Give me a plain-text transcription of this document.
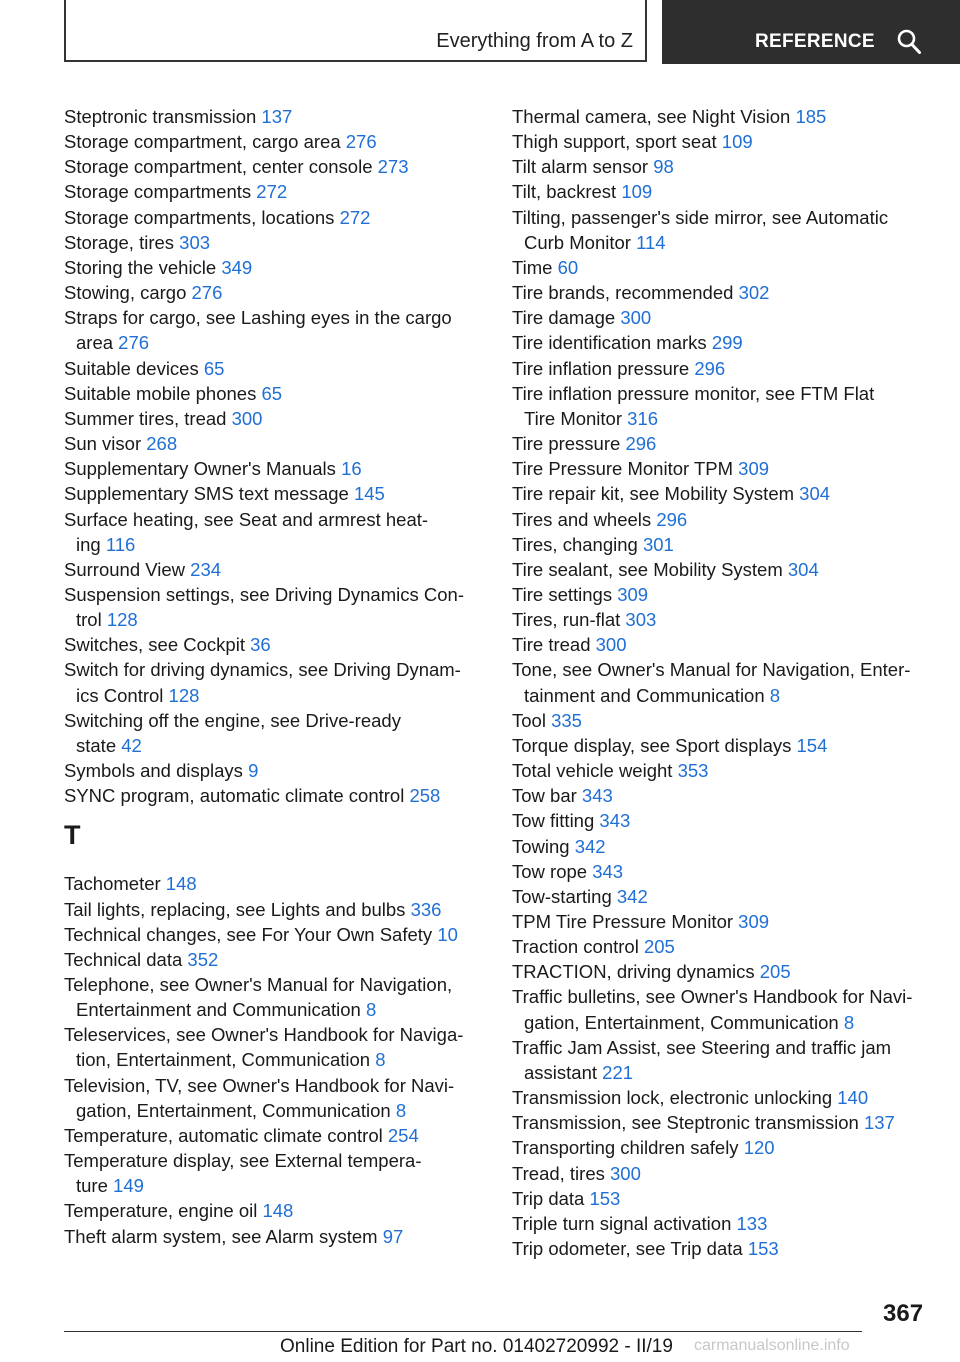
Everything from A to Z	REFERENCE
Steptronic transmission 137
Storage compartment, cargo area 276
Storage compartment, center console 273
Storage compartments 272
Storage compartments, locations 272
Storage, tires 303
Storing the vehicle 349
Stowing, cargo 276
Straps for cargo, see Lashing eyes in the cargo
area 276
Suitable devices 65
Suitable mobile phones 65
Summer tires, tread 300
Sun visor 268
Supplementary Owner's Manuals 16
Supplementary SMS text message 145
Surface heating, see Seat and armrest heat-
ing 116
Surround View 234
Suspension settings, see Driving Dynamics Con-
trol 128
Switches, see Cockpit 36
Switch for driving dynamics, see Driving Dynam-
ics Control 128
Switching off the engine, see Drive-ready
state 42
Symbols and displays 9
SYNC program, automatic climate control 258
T
Tachometer 148
Tail lights, replacing, see Lights and bulbs 336
Technical changes, see For Your Own Safety 10
Technical data 352
Telephone, see Owner's Manual for Navigation,
Entertainment and Communication 8
Teleservices, see Owner's Handbook for Naviga-
tion, Entertainment, Communication 8
Television, TV, see Owner's Handbook for Navi-
gation, Entertainment, Communication 8
Temperature, automatic climate control 254
Temperature display, see External tempera-
ture 149
Temperature, engine oil 148
Theft alarm system, see Alarm system 97
Thermal camera, see Night Vision 185
Thigh support, sport seat 109
Tilt alarm sensor 98
Tilt, backrest 109
Tilting, passenger's side mirror, see Automatic
Curb Monitor 114
Time 60
Tire brands, recommended 302
Tire damage 300
Tire identification marks 299
Tire inflation pressure 296
Tire inflation pressure monitor, see FTM Flat
Tire Monitor 316
Tire pressure 296
Tire Pressure Monitor TPM 309
Tire repair kit, see Mobility System 304
Tires and wheels 296
Tires, changing 301
Tire sealant, see Mobility System 304
Tire settings 309
Tires, run-flat 303
Tire tread 300
Tone, see Owner's Manual for Navigation, Enter-
tainment and Communication 8
Tool 335
Torque display, see Sport displays 154
Total vehicle weight 353
Tow bar 343
Tow fitting 343
Towing 342
Tow rope 343
Tow-starting 342
TPM Tire Pressure Monitor 309
Traction control 205
TRACTION, driving dynamics 205
Traffic bulletins, see Owner's Handbook for Navi-
gation, Entertainment, Communication 8
Traffic Jam Assist, see Steering and traffic jam
assistant 221
Transmission lock, electronic unlocking 140
Transmission, see Steptronic transmission 137
Transporting children safely 120
Tread, tires 300
Trip data 153
Triple turn signal activation 133
Trip odometer, see Trip data 153
367
Online Edition for Part no. 01402720992 - II/19 carmanualsonline.info
